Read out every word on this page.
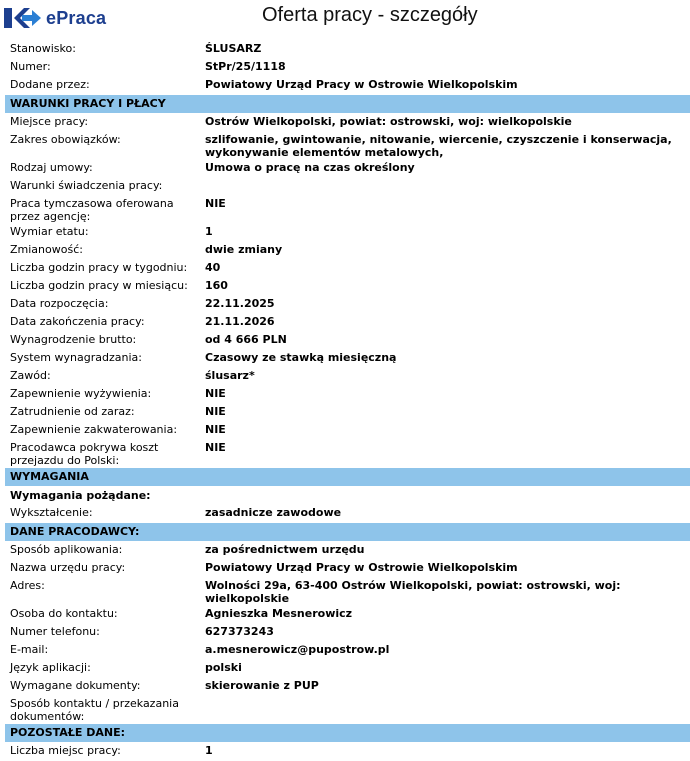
ePraca	Oferta pracy - szczegóły
Stanowisko:	ŚLUSARZ
Numer:	StPr/25/1118
Dodane przez:	Powiatowy Urząd Pracy w Ostrowie Wielkopolskim
WARUNKI PRACY I PŁACY
Miejsce pracy:	Ostrów Wielkopolski, powiat: ostrowski, woj: wielkopolskie
Zakres obowiązków:	szlifowanie, gwintowanie, nitowanie, wiercenie, czyszczenie i konserwacja, wykonywanie elementów metalowych,
Rodzaj umowy:	Umowa o pracę na czas określony
Warunki świadczenia pracy:
Praca tymczasowa oferowana przez agencję:
NIE
Wymiar etatu:	1
Zmianowość:	dwie zmiany
Liczba godzin pracy w tygodniu:	40
Liczba godzin pracy w miesiącu:	160
Data rozpoczęcia:	22.11.2025
Data zakończenia pracy:	21.11.2026
Wynagrodzenie brutto:	od 4 666 PLN
System wynagradzania:	Czasowy ze stawką miesięczną
Zawód:	ślusarz*
Zapewnienie wyżywienia:	NIE
Zatrudnienie od zaraz:	NIE
Zapewnienie zakwaterowania:	NIE
Pracodawca pokrywa koszt przejazdu do Polski:
NIE
WYMAGANIA
Wymagania pożądane:
Wykształcenie:	zasadnicze zawodowe
DANE PRACODAWCY:
Sposób aplikowania:	za pośrednictwem urzędu
Nazwa urzędu pracy:	Powiatowy Urząd Pracy w Ostrowie Wielkopolskim
Adres:	Wolności 29a, 63-400 Ostrów Wielkopolski, powiat: ostrowski, woj: wielkopolskie
Osoba do kontaktu:	Agnieszka Mesnerowicz
Numer telefonu:	627373243
E-mail:	a.mesnerowicz@pupostrow.pl
Język aplikacji:	polski
Wymagane dokumenty:	skierowanie z PUP
Sposób kontaktu / przekazania dokumentów:
POZOSTAŁE DANE:
Liczba miejsc pracy:	1
